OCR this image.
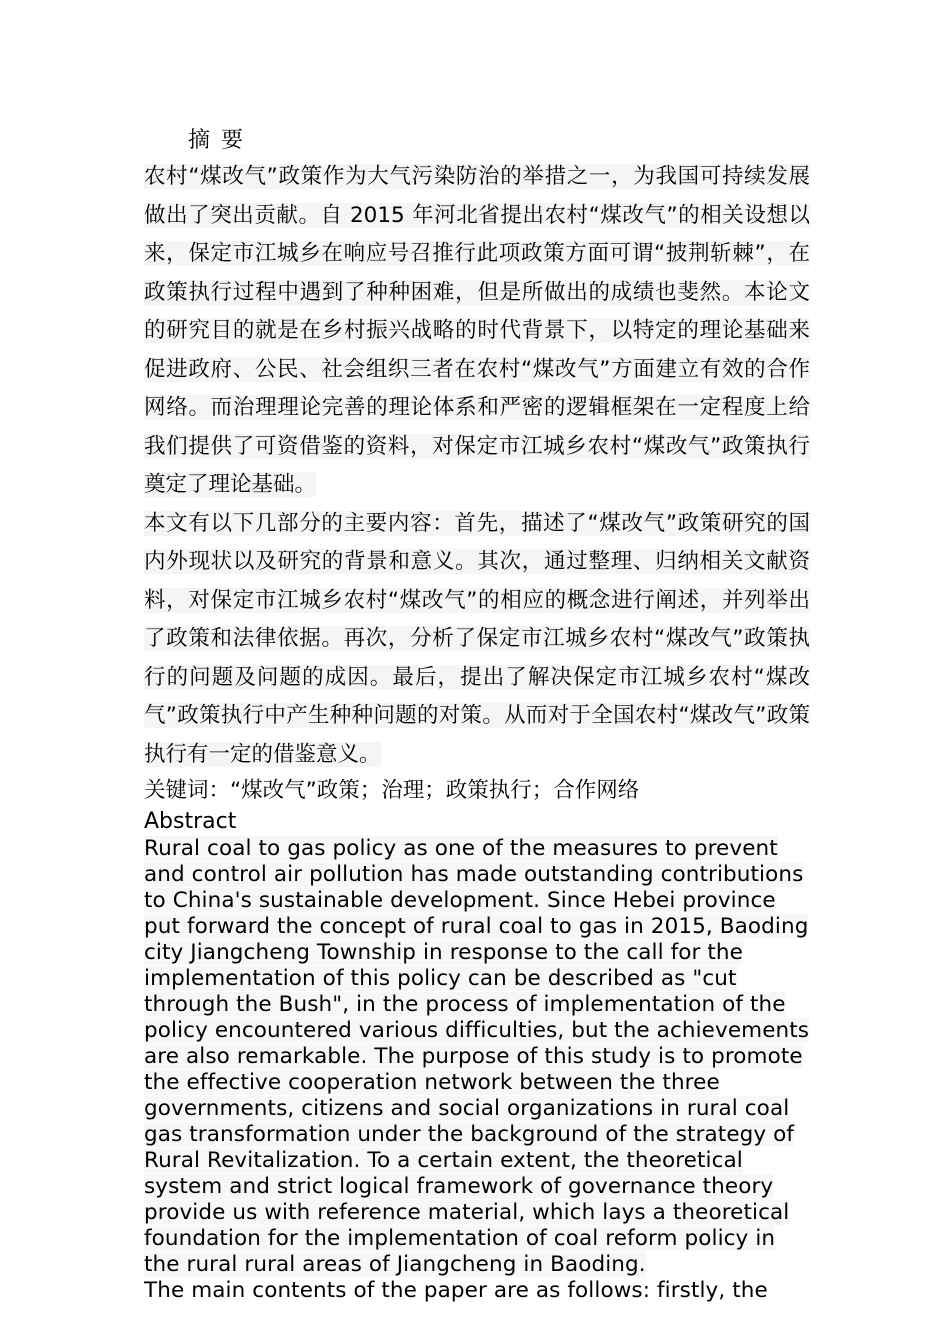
摘 要

农村“煤改气”政策作为大气污染防治的举措之一，为我国可持续发展做出了突出贡献。自 2015 年河北省提出农村“煤改气”的相关设想以来，保定市江城乡在响应号召推行此项政策方面可谓“披荆斩棘”，在政策执行过程中遇到了种种困难，但是所做出的成绩也斐然。本论文的研究目的就是在乡村振兴战略的时代背景下，以特定的理论基础来促进政府、公民、社会组织三者在农村“煤改气”方面建立有效的合作网络。而治理理论完善的理论体系和严密的逻辑框架在一定程度上给我们提供了可资借鉴的资料，对保定市江城乡农村“煤改气”政策执行奠定了理论基础。

本文有以下几部分的主要内容：首先，描述了“煤改气”政策研究的国内外现状以及研究的背景和意义。其次，通过整理、归纳相关文献资料，对保定市江城乡农村“煤改气”的相应的概念进行阐述，并列举出了政策和法律依据。再次，分析了保定市江城乡农村“煤改气”政策执行的问题及问题的成因。最后，提出了解决保定市江城乡农村“煤改气”政策执行中产生种种问题的对策。从而对于全国农村“煤改气”政策执行有一定的借鉴意义。

关键词：“煤改气”政策；治理；政策执行；合作网络

Abstract

Rural coal to gas policy as one of the measures to prevent and control air pollution has made outstanding contributions to China's sustainable development. Since Hebei province put forward the concept of rural coal to gas in 2015, Baoding city Jiangcheng Township in response to the call for the implementation of this policy can be described as "cut through the Bush", in the process of implementation of the policy encountered various difficulties, but the achievements are also remarkable. The purpose of this study is to promote the effective cooperation network between the three governments, citizens and social organizations in rural coal gas transformation under the background of the strategy of Rural Revitalization. To a certain extent, the theoretical system and strict logical framework of governance theory provide us with reference material, which lays a theoretical foundation for the implementation of coal reform policy in the rural rural areas of Jiangcheng in Baoding.

The main contents of the paper are as follows: firstly, the
